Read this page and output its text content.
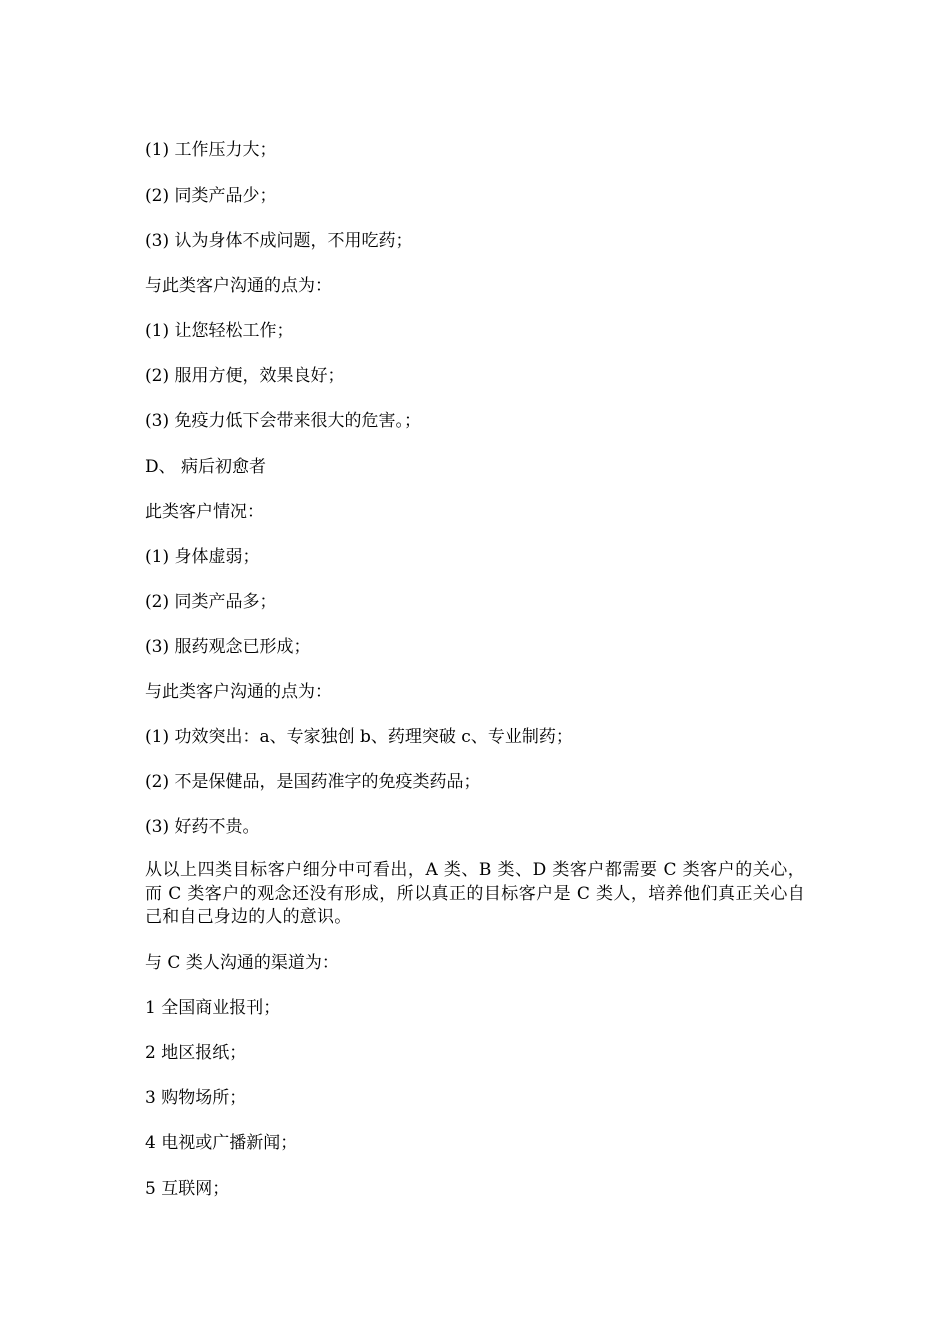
(1) 工作压力大；

(2) 同类产品少；

(3) 认为身体不成问题，不用吃药；

与此类客户沟通的点为：

(1) 让您轻松工作；

(2) 服用方便，效果良好；

(3) 免疫力低下会带来很大的危害。；

D、 病后初愈者

此类客户情况：

(1) 身体虚弱；

(2) 同类产品多；

(3) 服药观念已形成；

与此类客户沟通的点为：

(1) 功效突出：a、专家独创 b、药理突破 c、专业制药；

(2) 不是保健品，是国药准字的免疫类药品；

(3) 好药不贵。

从以上四类目标客户细分中可看出，A 类、B 类、D 类客户都需要 C 类客户的关心，而 C 类客户的观念还没有形成，所以真正的目标客户是 C 类人，培养他们真正关心自己和自己身边的人的意识。

与 C 类人沟通的渠道为：

1 全国商业报刊；

2 地区报纸；

3 购物场所；

4 电视或广播新闻；

5 互联网；
